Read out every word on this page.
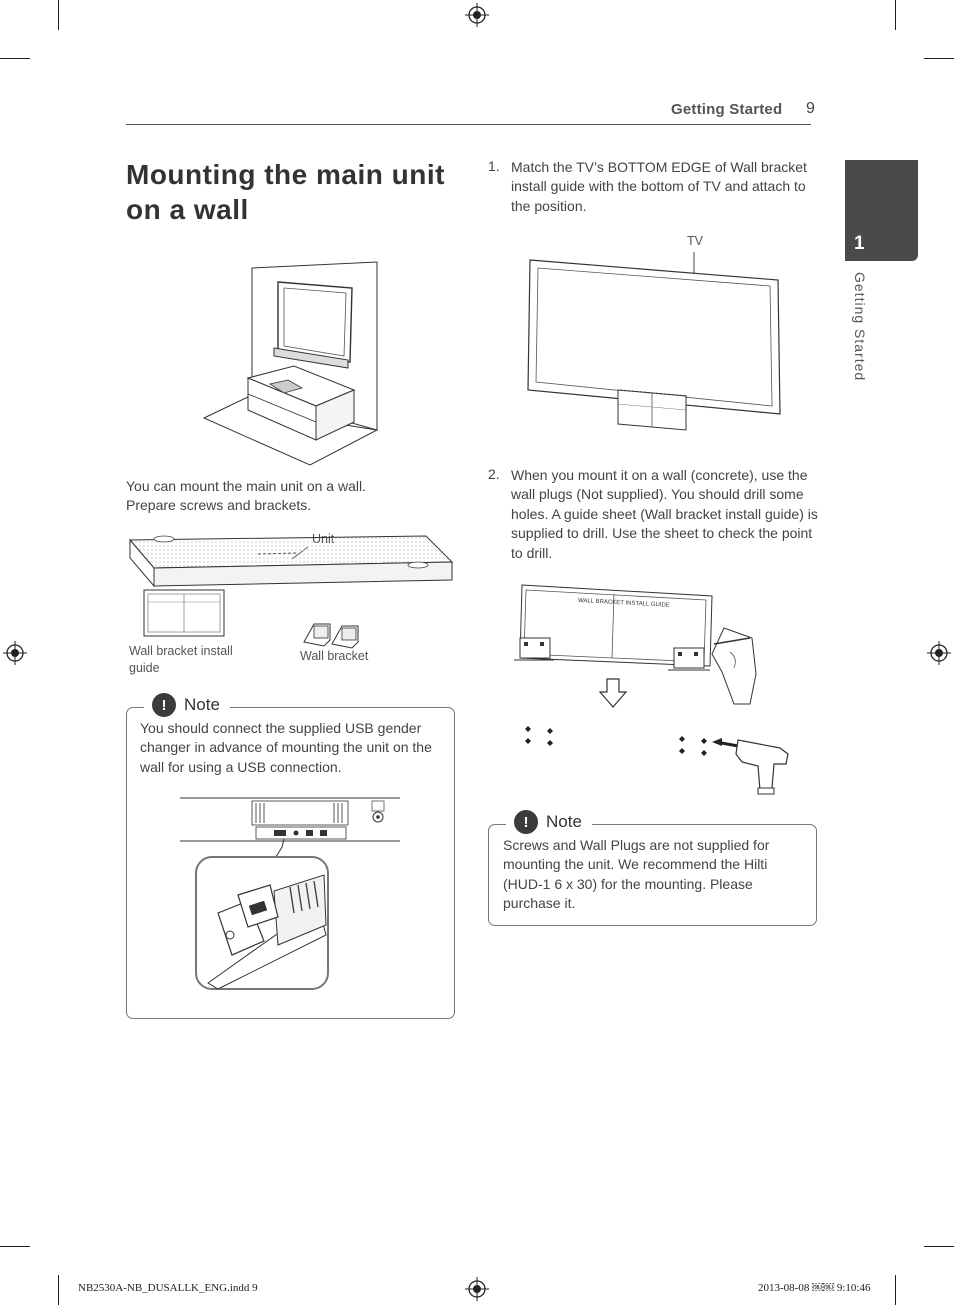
Getting Started 9
1
Getting Started
Mounting the main unit on a wall
You can mount the main unit on a wall.
Prepare screws and brackets.
Wall bracket install guide
Wall bracket
!	Note
You should connect the supplied USB gender changer in advance of mounting the unit on the wall for using a USB connection.
1. Match the TV’s BOTTOM EDGE of Wall bracket install guide with the bottom of TV and attach to the position.
TV
2. When you mount it on a wall (concrete), use the wall plugs (Not supplied). You should drill some holes. A guide sheet (Wall bracket install guide) is supplied to drill. Use the sheet to check the point to drill.
WALL BRACKET INSTALL GUIDE
!	Note
Screws and Wall Plugs are not supplied for mounting the unit. We recommend the Hilti (HUD-1 6 x 30) for the mounting. Please purchase it.
NB2530A-NB_DUSALLK_ENG.indd 9	2013-08-08 ￼￼ 9:10:46
